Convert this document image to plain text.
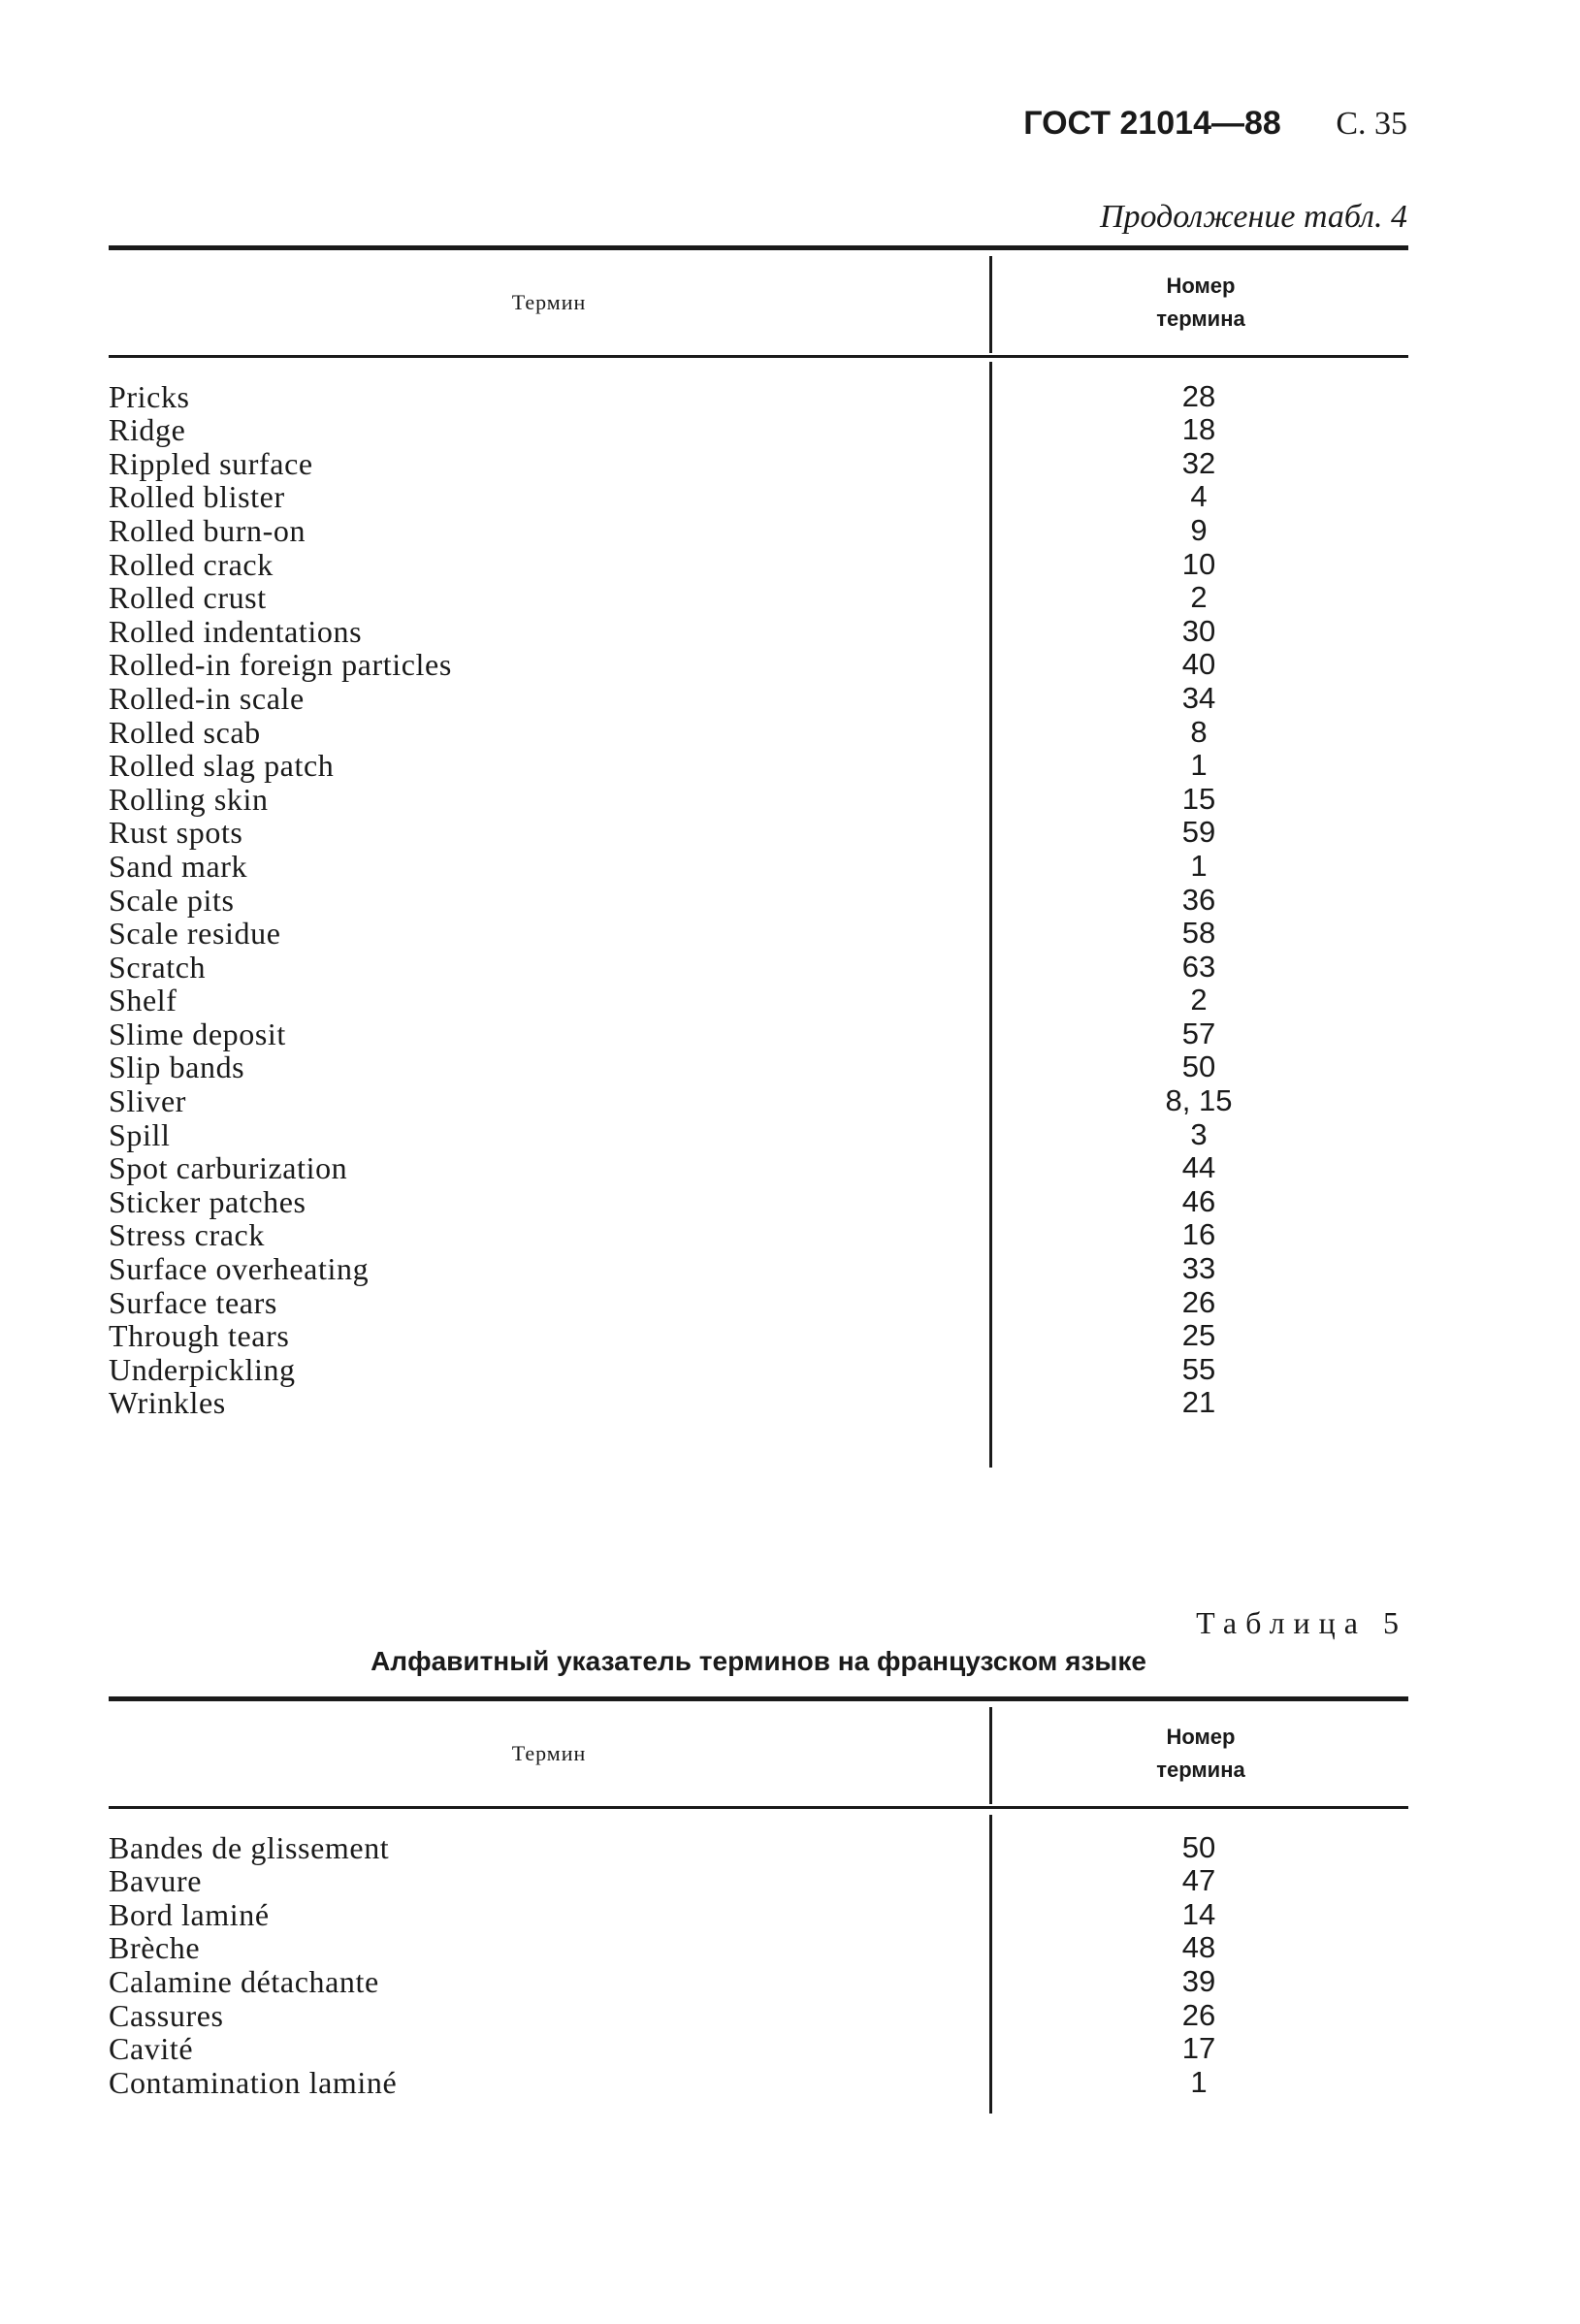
ГОСТ 21014—88 С. 35
Продолжение табл. 4
Термин
Номер
термина
Pricks	28
Ridge	18
Rippled surface	32
Rolled blister	4
Rolled burn-on	9
Rolled crack	10
Rolled crust	2
Rolled indentations	30
Rolled-in foreign particles	40
Rolled-in scale	34
Rolled scab	8
Rolled slag patch	1
Rolling skin	15
Rust spots	59
Sand mark	1
Scale pits	36
Scale residue	58
Scratch	63
Shelf	2
Slime deposit	57
Slip bands	50
Sliver	8, 15
Spill	3
Spot carburization	44
Sticker patches	46
Stress crack	16
Surface overheating	33
Surface tears	26
Through tears	25
Underpickling	55
Wrinkles	21
Таблица 5
Алфавитный указатель терминов на французском языке
Термин
Номер
термина
Bandes de glissement	50
Bavure	47
Bord laminé	14
Brèche	48
Calamine détachante	39
Cassures	26
Cavité	17
Contamination laminé	1
